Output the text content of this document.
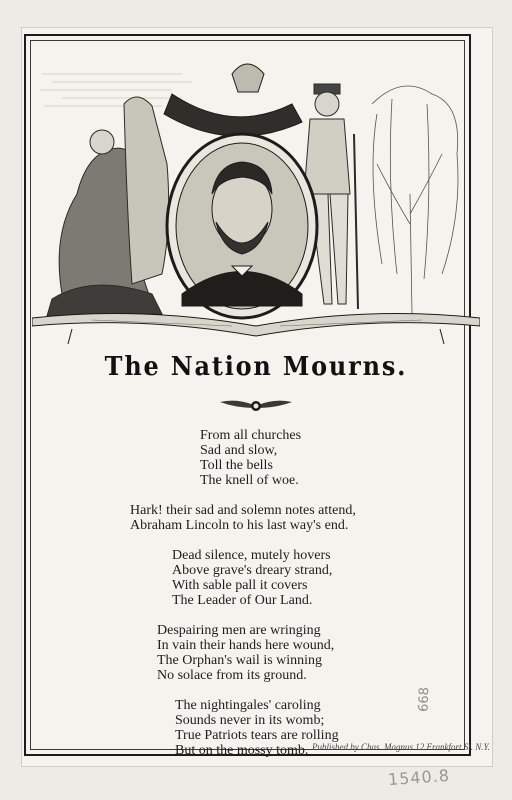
The Nation Mourns.
From all churches
Sad and slow,
Toll the bells
The knell of woe.
Hark! their sad and solemn notes attend,
Abraham Lincoln to his last way's end.
Dead silence, mutely hovers
Above grave's dreary strand,
With sable pall it covers
The Leader of Our Land.
Despairing men are wringing
In vain their hands here wound,
The Orphan's wail is winning
No solace from its ground.
The nightingales' caroling
Sounds never in its womb;
True Patriots tears are rolling
But on the mossy tomb. Published by Chas. Magnus 12 Frankfort St. N.Y.
668
1540.8
